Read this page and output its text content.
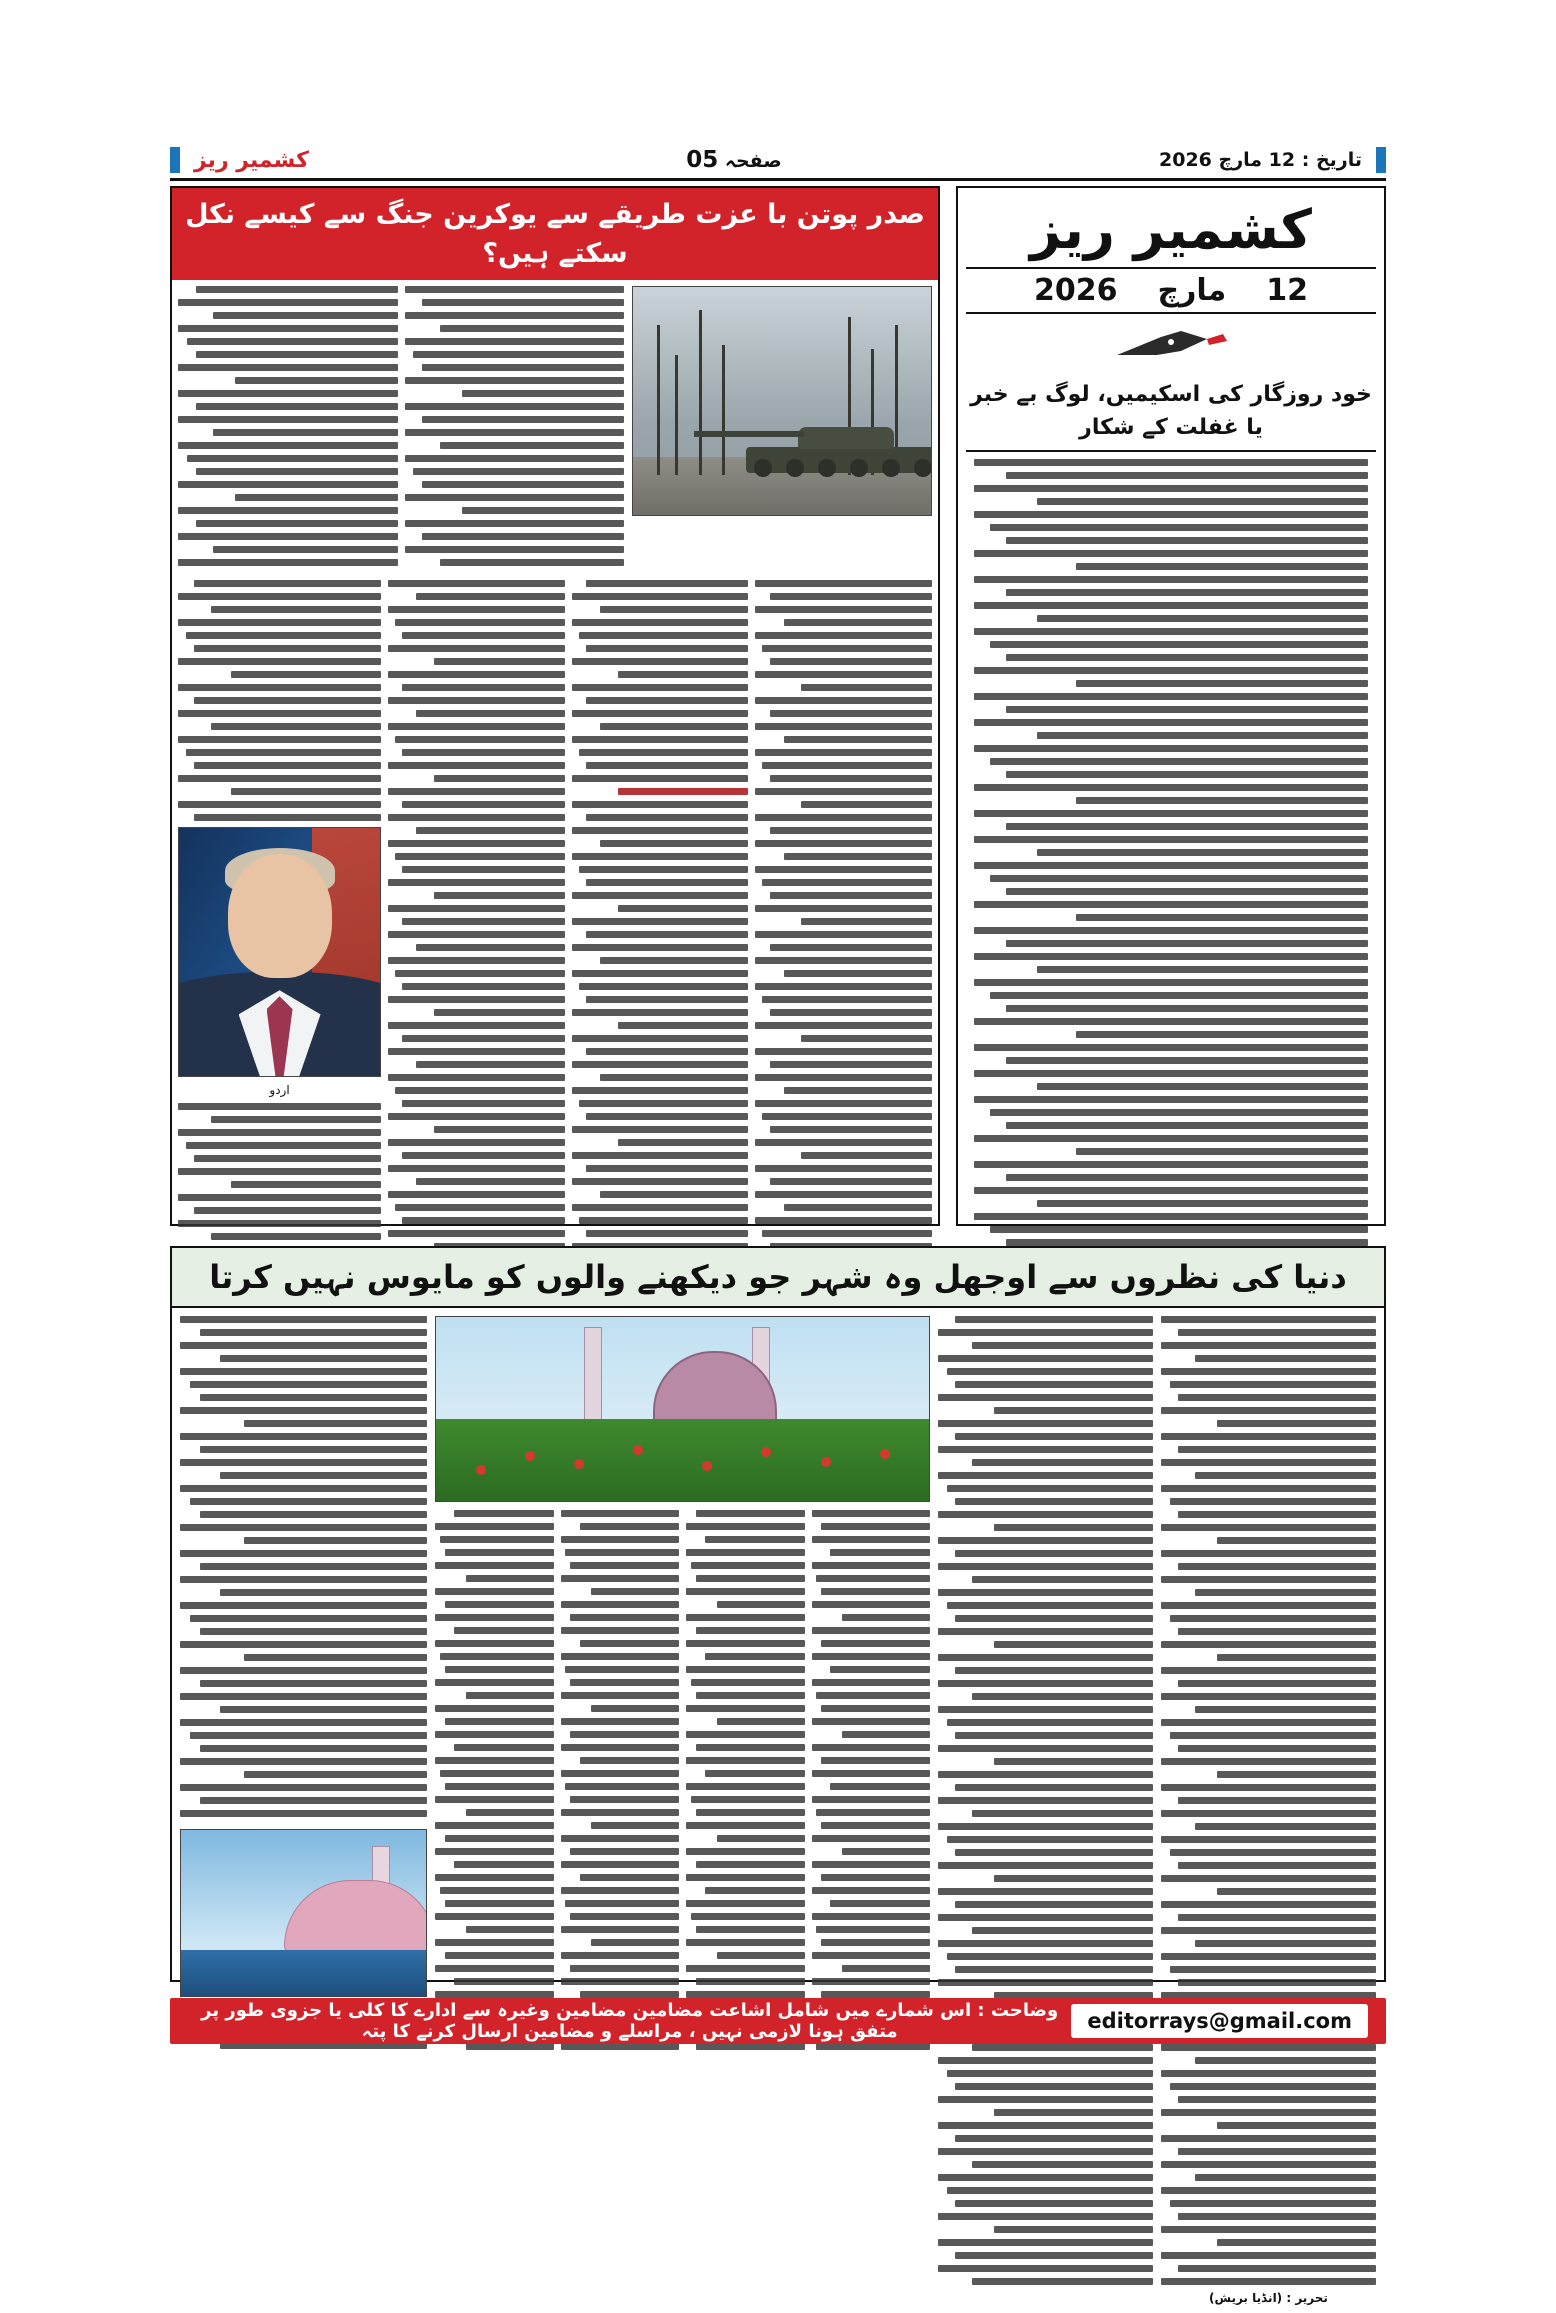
تاریخ : 12 مارچ 2026
صفحہ 05
کشمیر ریز
کشمیر ریز
12
مارچ
2026
خود روزگار کی اسکیمیں، لوگ بے خبر یا غفلت کے شکار
صدر پوتن با عزت طریقے سے یوکرین جنگ سے کیسے نکل سکتے ہیں؟
اردو
دنیا کی نظروں سے اوجھل وہ شہر جو دیکھنے والوں کو مایوس نہیں کرتا
تحریر : (انڈیا بریش)
editorrays@gmail.com
وضاحت : اس شمارے میں شامل اشاعت مضامین مضامین وغیرہ سے ادارے کا کلی یا جزوی طور پر متفق ہونا لازمی نہیں ، مراسلے و مضامین ارسال کرنے کا پتہ
